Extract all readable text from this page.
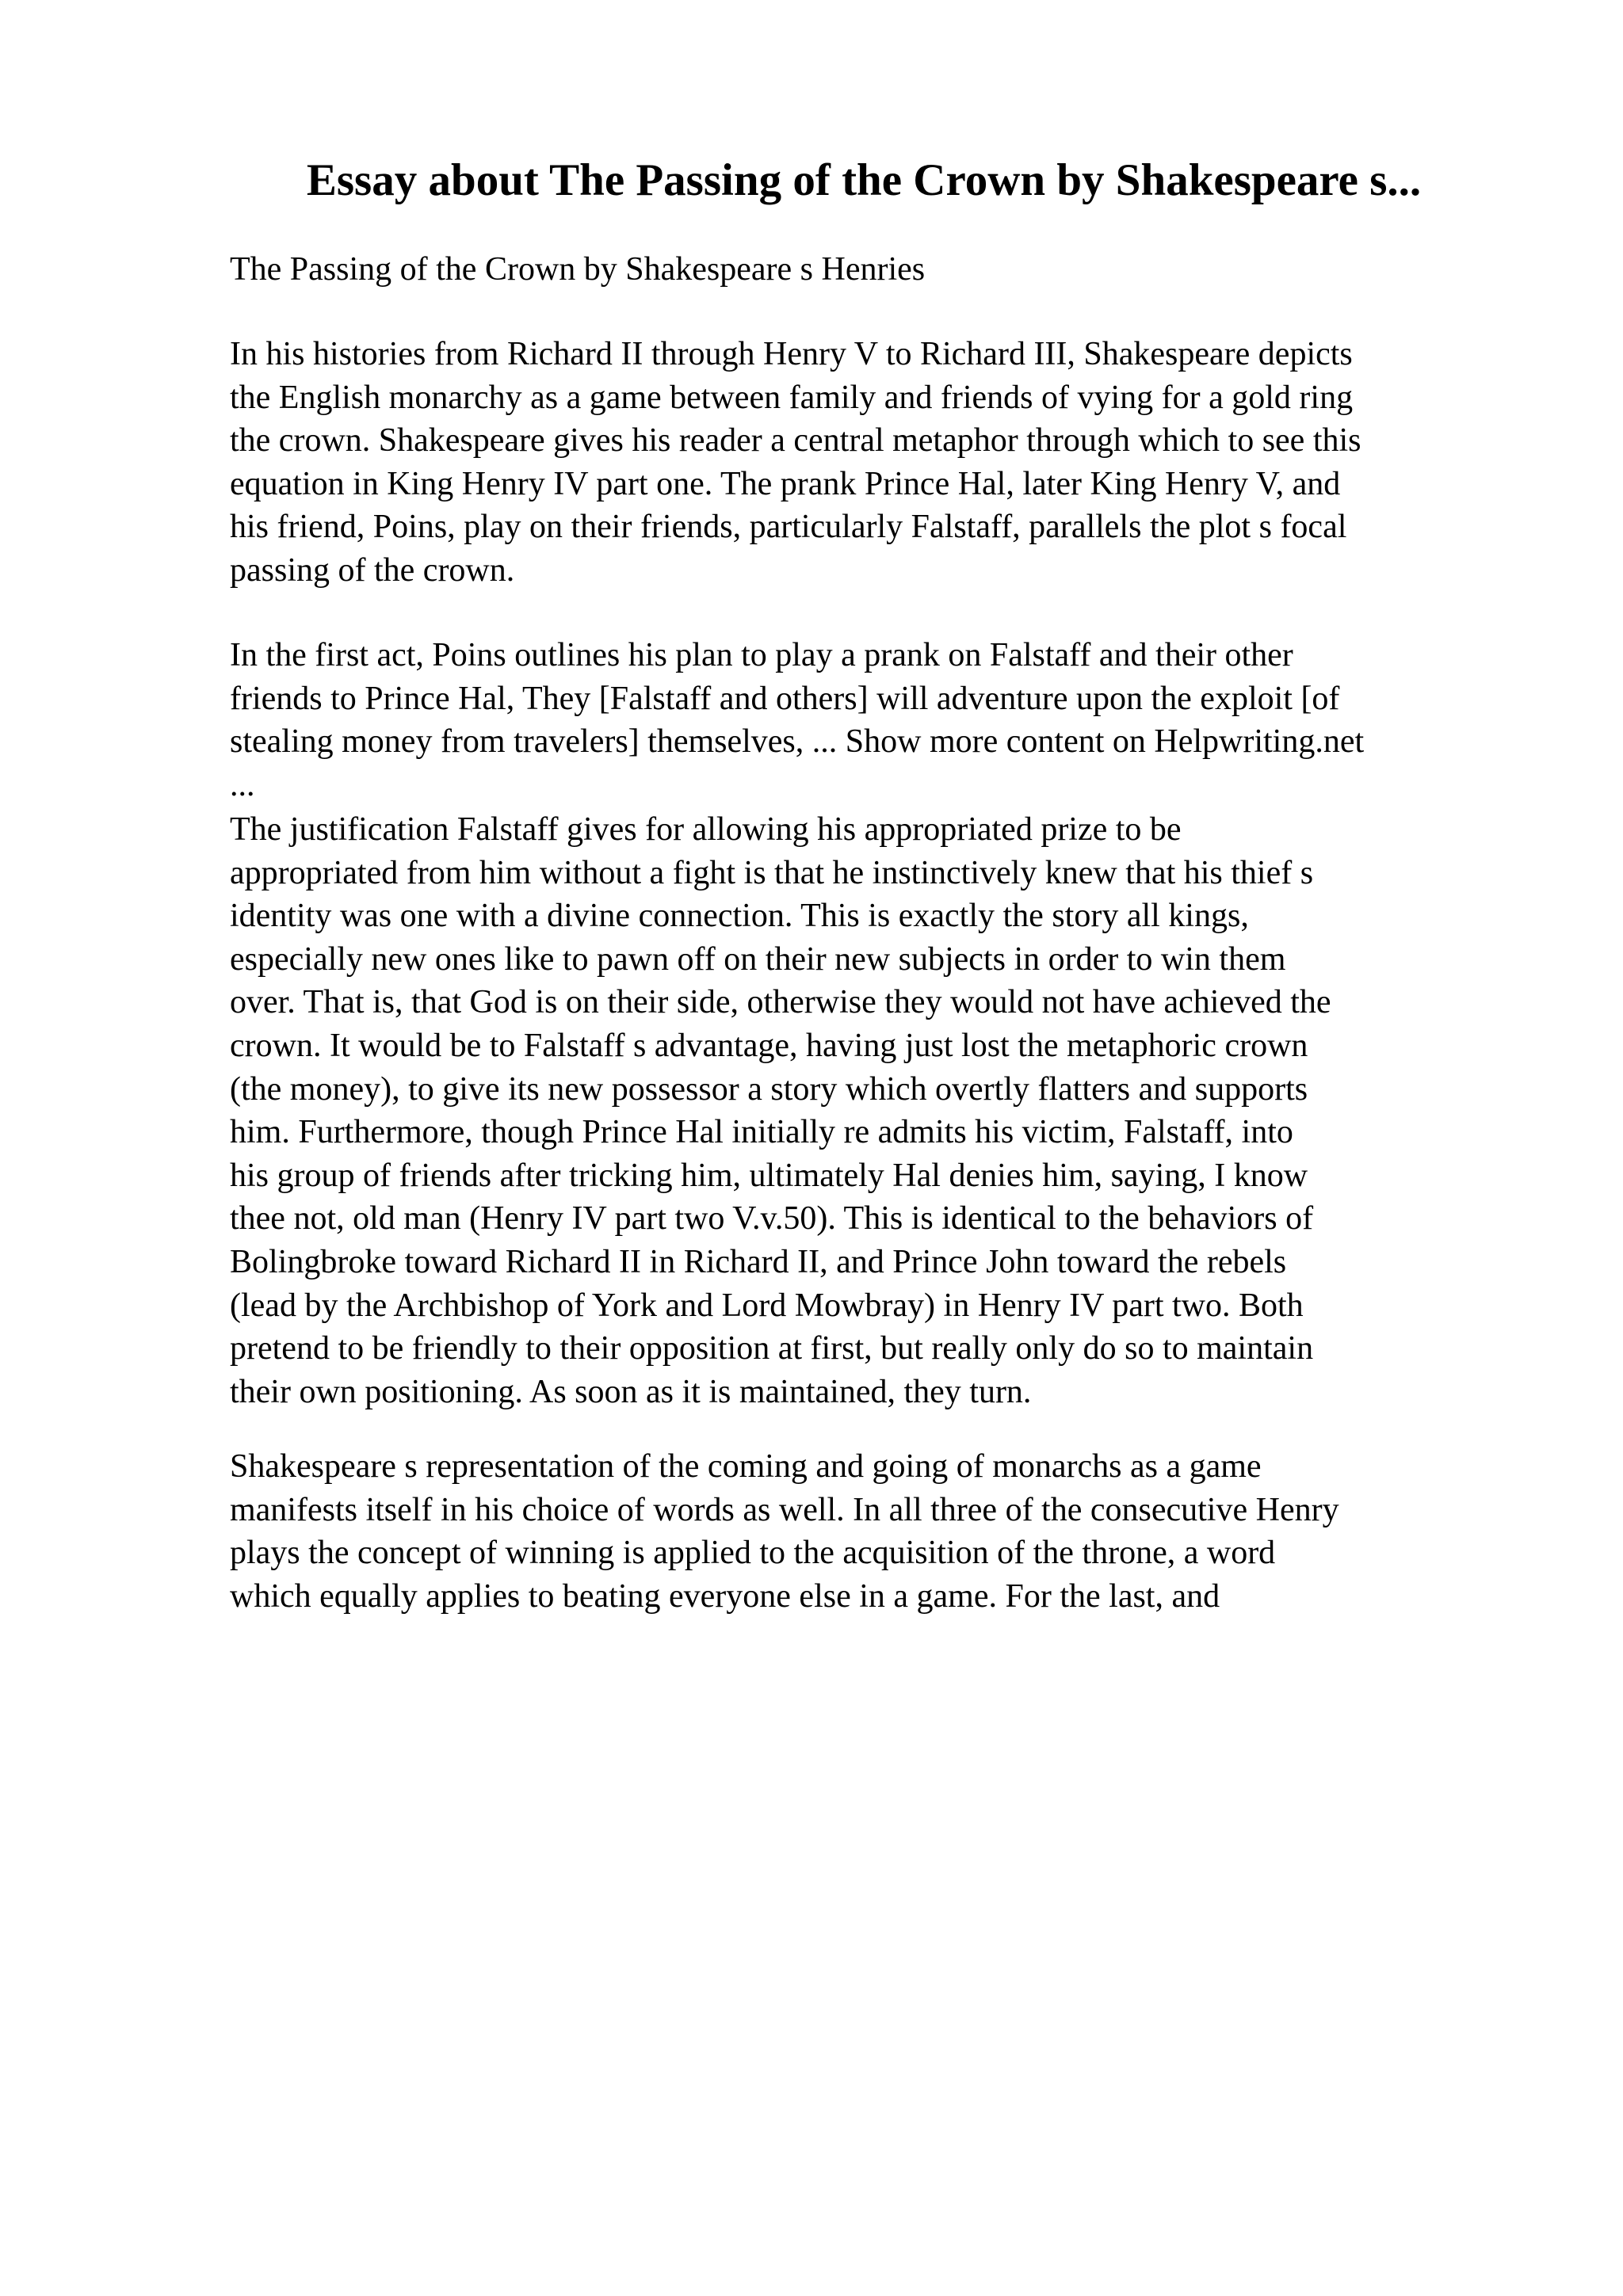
Essay about The Passing of the Crown by Shakespeare s...

The Passing of the Crown by Shakespeare s Henries

In his histories from Richard II through Henry V to Richard III, Shakespeare depicts
the English monarchy as a game between family and friends of vying for a gold ring
the crown. Shakespeare gives his reader a central metaphor through which to see this
equation in King Henry IV part one. The prank Prince Hal, later King Henry V, and
his friend, Poins, play on their friends, particularly Falstaff, parallels the plot s focal
passing of the crown.
In the first act, Poins outlines his plan to play a prank on Falstaff and their other
friends to Prince Hal, They [Falstaff and others] will adventure upon the exploit [of
stealing money from travelers] themselves, ... Show more content on Helpwriting.net
...
The justification Falstaff gives for allowing his appropriated prize to be
appropriated from him without a fight is that he instinctively knew that his thief s
identity was one with a divine connection. This is exactly the story all kings,
especially new ones like to pawn off on their new subjects in order to win them
over. That is, that God is on their side, otherwise they would not have achieved the
crown. It would be to Falstaff s advantage, having just lost the metaphoric crown
(the money), to give its new possessor a story which overtly flatters and supports
him. Furthermore, though Prince Hal initially re admits his victim, Falstaff, into
his group of friends after tricking him, ultimately Hal denies him, saying, I know
thee not, old man (Henry IV part two V.v.50). This is identical to the behaviors of
Bolingbroke toward Richard II in Richard II, and Prince John toward the rebels
(lead by the Archbishop of York and Lord Mowbray) in Henry IV part two. Both
pretend to be friendly to their opposition at first, but really only do so to maintain
their own positioning. As soon as it is maintained, they turn.
Shakespeare s representation of the coming and going of monarchs as a game
manifests itself in his choice of words as well. In all three of the consecutive Henry
plays the concept of winning is applied to the acquisition of the throne, a word
which equally applies to beating everyone else in a game. For the last, and
